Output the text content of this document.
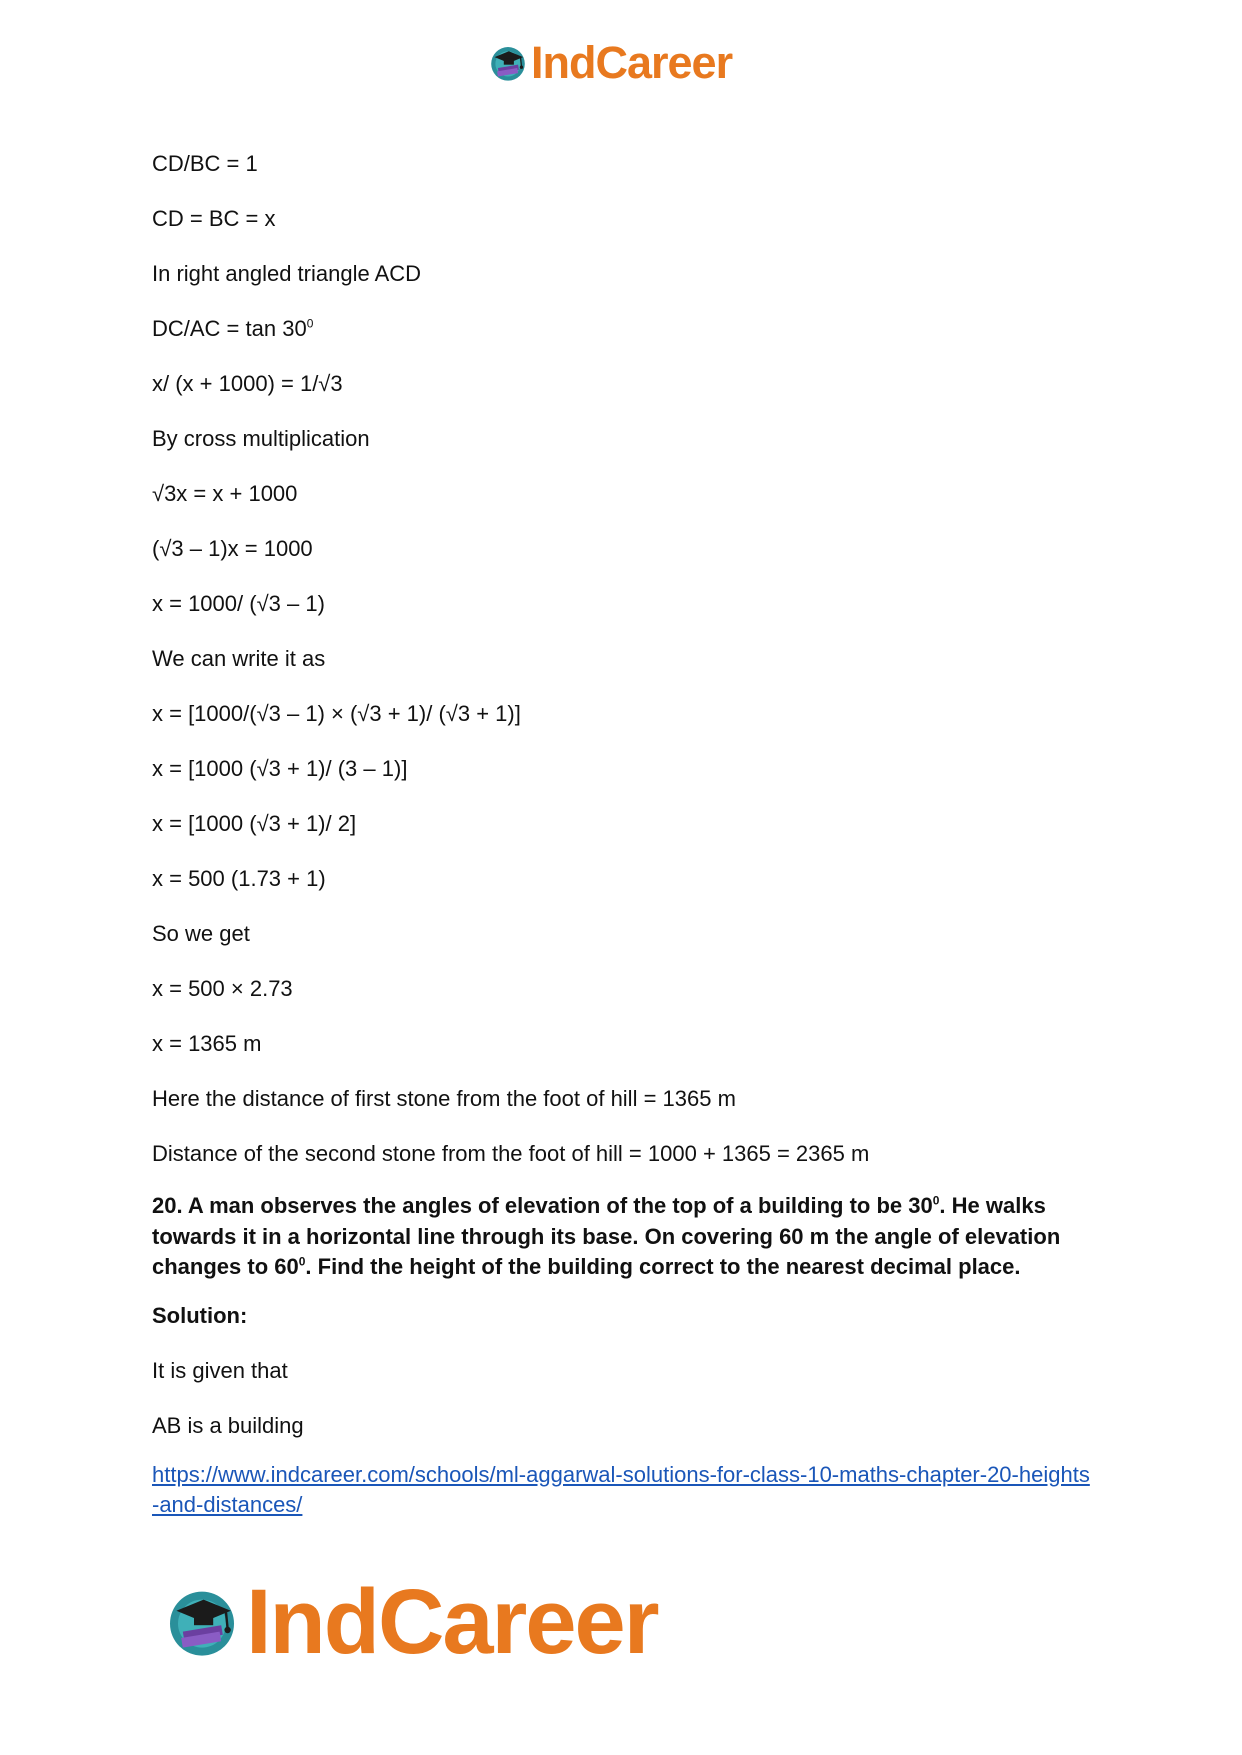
IndCareer
CD/BC = 1
CD = BC = x
In right angled triangle ACD
$DC/AC = \tan 30^0$
x/ (x + 1000) = 1/√3
By cross multiplication
√3x = x + 1000
(√3 – 1)x = 1000
x = 1000/ (√3 – 1)
We can write it as
x = [1000/(√3 – 1) × (√3 + 1)/ (√3 + 1)]
x = [1000 (√3 + 1)/ (3 – 1)]
x = [1000 (√3 + 1)/ 2]
x = 500 (1.73 + 1)
So we get
x = 500 × 2.73
x = 1365 m
Here the distance of first stone from the foot of hill = 1365 m
Distance of the second stone from the foot of hill = 1000 + 1365 = 2365 m
20. A man observes the angles of elevation of the top of a building to be $30^0$. He walks towards it in a horizontal line through its base. On covering 60 m the angle of elevation changes to $60^0$. Find the height of the building correct to the nearest decimal place.
Solution:
It is given that
AB is a building
https://www.indcareer.com/schools/ml-aggarwal-solutions-for-class-10-maths-chapter-20-heights-and-distances/
IndCareer
